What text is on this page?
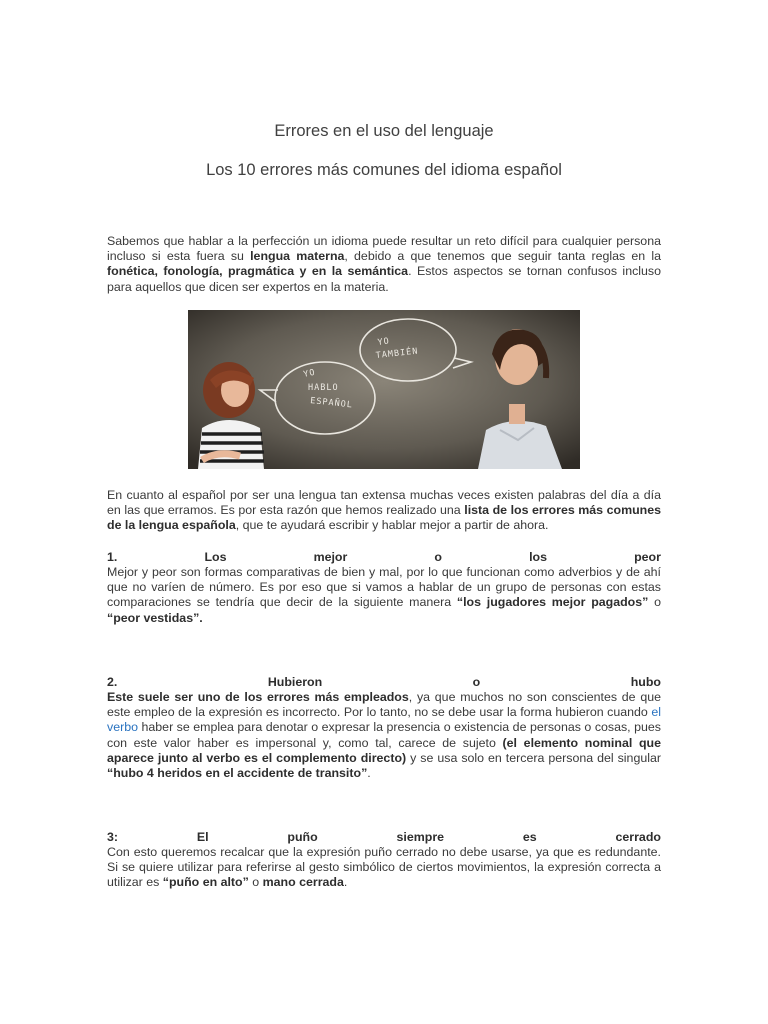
Errores en el uso del lenguaje
Los 10 errores más comunes del idioma español

Sabemos que hablar a la perfección un idioma puede resultar un reto difícil para cualquier persona incluso si esta fuera su lengua materna, debido a que tenemos que seguir tanta reglas en la fonética, fonología, pragmática y en la semántica. Estos aspectos se tornan confusos incluso para aquellos que dicen ser expertos en la materia.

YO
HABLO
ESPAÑOL
YO
TAMBIÉN

En cuanto al español por ser una lengua tan extensa muchas veces existen palabras del día a día en las que erramos. Es por esta razón que hemos realizado una lista de los errores más comunes de la lengua española, que te ayudará escribir y hablar mejor a partir de ahora.

1.	Los	mejor	o	los	peor

Mejor y peor son formas comparativas de bien y mal, por lo que funcionan como adverbios y de ahí que no varíen de número. Es por eso que si vamos a hablar de un grupo de personas con estas comparaciones se tendría que decir de la siguiente manera “los jugadores mejor pagados” o “peor vestidas”.

2.	Hubieron	o	hubo

Este suele ser uno de los errores más empleados, ya que muchos no son conscientes de que este empleo de la expresión es incorrecto. Por lo tanto, no se debe usar la forma hubieron cuando el verbo haber se emplea para denotar o expresar la presencia o existencia de personas o cosas, pues con este valor haber es impersonal y, como tal, carece de sujeto (el elemento nominal que aparece junto al verbo es el complemento directo) y se usa solo en tercera persona del singular “hubo 4 heridos en el accidente de transito”.

3:	El	puño	siempre	es	cerrado

Con esto queremos recalcar que la expresión puño cerrado no debe usarse, ya que es redundante. Si se quiere utilizar para referirse al gesto simbólico de ciertos movimientos, la expresión correcta a utilizar es “puño en alto” o mano cerrada.
